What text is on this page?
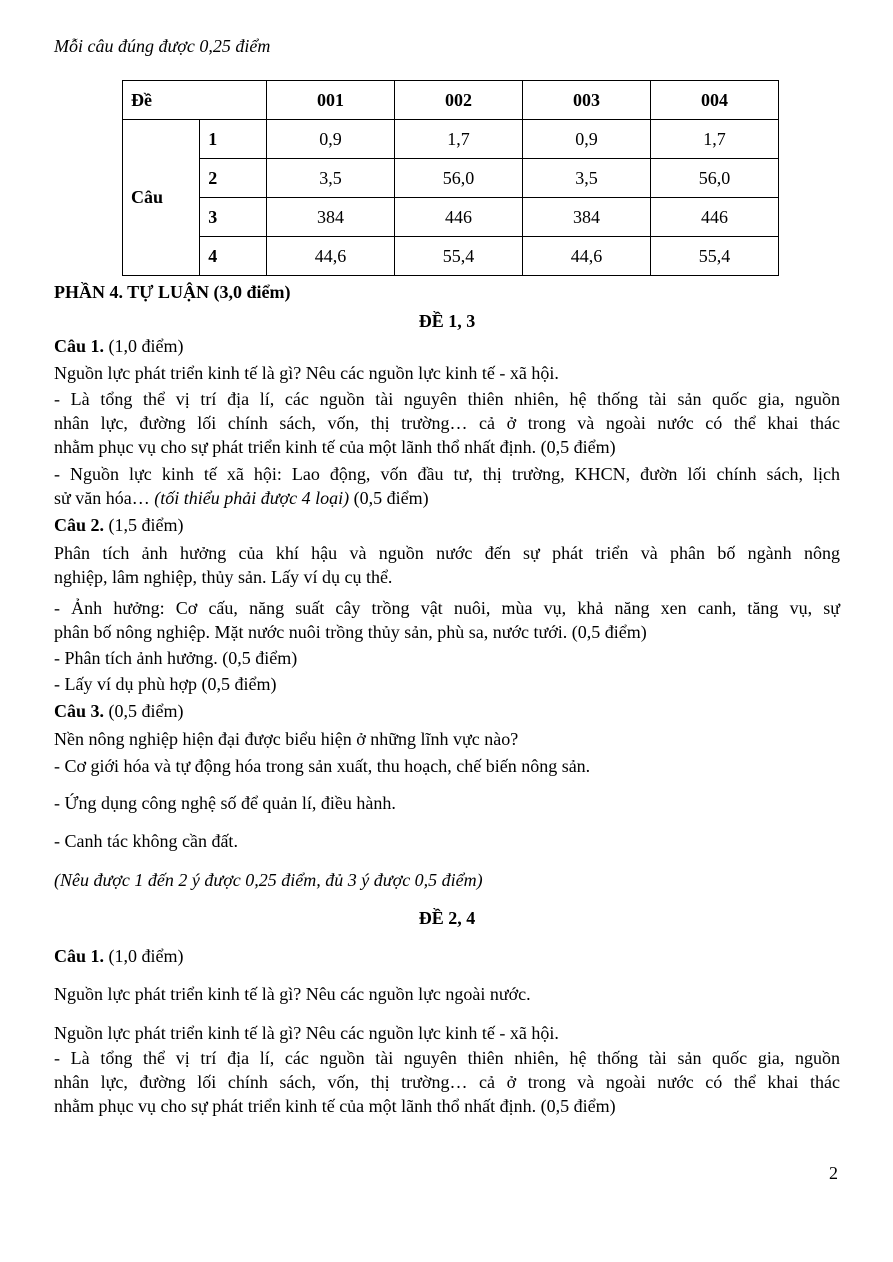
Mỗi câu đúng được 0,25 điểm
Đề		001	002	003	004
Câu	1	0,9	1,7	0,9	1,7
	2	3,5	56,0	3,5	56,0
	3	384	446	384	446
	4	44,6	55,4	44,6	55,4
PHẦN 4. TỰ LUẬN (3,0 điểm)
ĐỀ 1, 3
Câu 1. (1,0 điểm)
Nguồn lực phát triển kinh tế là gì? Nêu các nguồn lực kinh tế - xã hội.
- Là tổng thể vị trí địa lí, các nguồn tài nguyên thiên nhiên, hệ thống tài sản quốc gia, nguồn
nhân lực, đường lối chính sách, vốn, thị trường… cả ở trong và ngoài nước có thể khai thác
nhằm phục vụ cho sự phát triển kinh tế của một lãnh thổ nhất định. (0,5 điểm)
- Nguồn lực kinh tế xã hội: Lao động, vốn đầu tư, thị trường, KHCN, đườn lối chính sách, lịch
sử văn hóa… (tối thiểu phải được 4 loại) (0,5 điểm)
Câu 2. (1,5 điểm)
Phân tích ảnh hưởng của khí hậu và nguồn nước đến sự phát triển và phân bố ngành nông
nghiệp, lâm nghiệp, thủy sản. Lấy ví dụ cụ thể.
- Ảnh hưởng: Cơ cấu, năng suất cây trồng vật nuôi, mùa vụ, khả năng xen canh, tăng vụ, sự
phân bố nông nghiệp. Mặt nước nuôi trồng thủy sản, phù sa, nước tưới. (0,5 điểm)
- Phân tích ảnh hưởng. (0,5 điểm)
- Lấy ví dụ phù hợp (0,5 điểm)
Câu 3. (0,5 điểm)
Nền nông nghiệp hiện đại được biểu hiện ở những lĩnh vực nào?
- Cơ giới hóa và tự động hóa trong sản xuất, thu hoạch, chế biến nông sản.
- Ứng dụng công nghệ số để quản lí, điều hành.
- Canh tác không cần đất.
(Nêu được 1 đến 2 ý được 0,25 điểm, đủ 3 ý được 0,5 điểm)
ĐỀ 2, 4
Câu 1. (1,0 điểm)
Nguồn lực phát triển kinh tế là gì? Nêu các nguồn lực ngoài nước.
Nguồn lực phát triển kinh tế là gì? Nêu các nguồn lực kinh tế - xã hội.
- Là tổng thể vị trí địa lí, các nguồn tài nguyên thiên nhiên, hệ thống tài sản quốc gia, nguồn
nhân lực, đường lối chính sách, vốn, thị trường… cả ở trong và ngoài nước có thể khai thác
nhằm phục vụ cho sự phát triển kinh tế của một lãnh thổ nhất định. (0,5 điểm)
2
